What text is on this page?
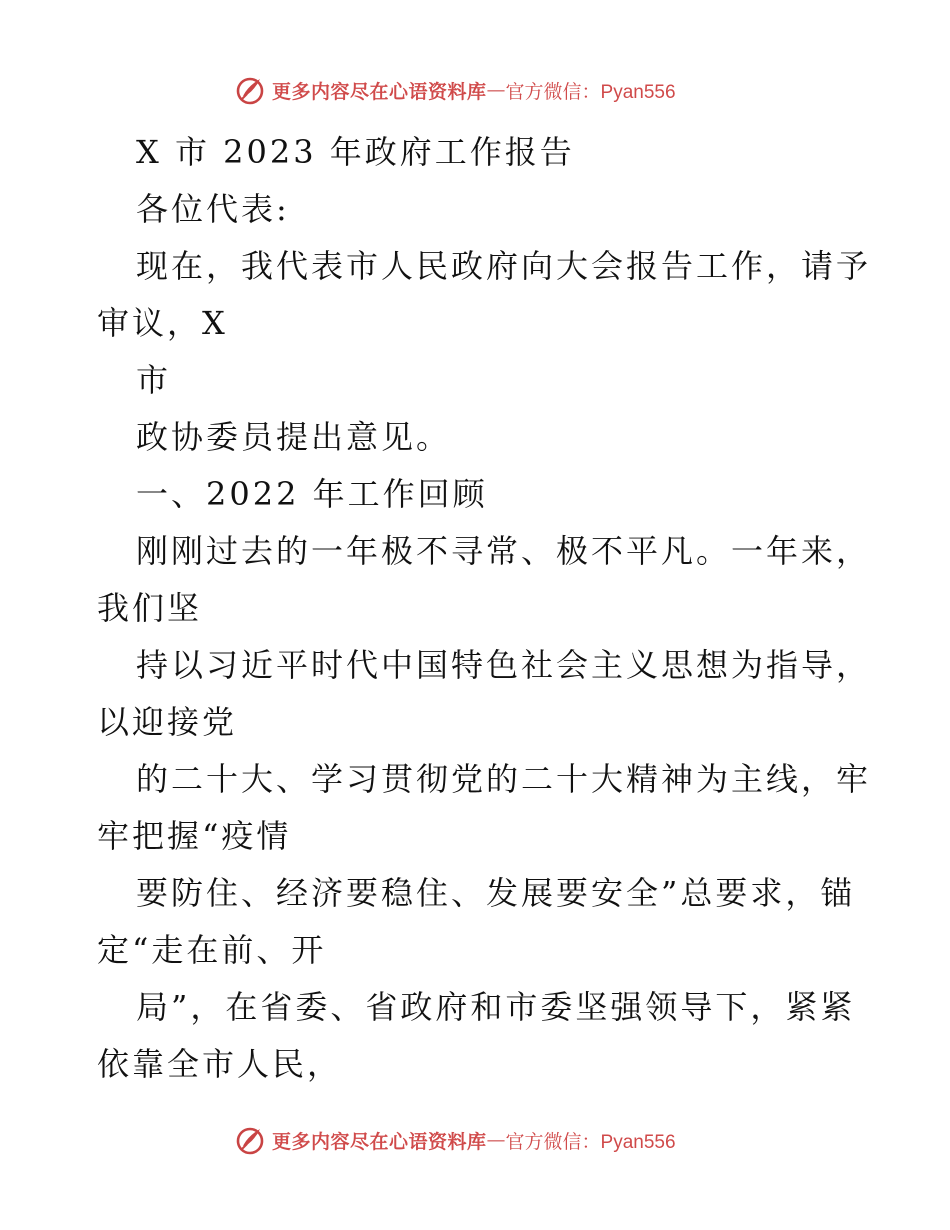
更多内容尽在心语资料库 — 官方微信：Pyan556
X 市 2023 年政府工作报告
各位代表:
现在，我代表市人民政府向大会报告工作，请予
审议，X
市
政协委员提出意见。
一、2022 年工作回顾
刚刚过去的一年极不寻常、极不平凡。一年来，
我们坚
持以习近平时代中国特色社会主义思想为指导，
以迎接党
的二十大、学习贯彻党的二十大精神为主线，牢
牢把握“疫情
要防住、经济要稳住、发展要安全”总要求，锚
定“走在前、开
局”，在省委、省政府和市委坚强领导下，紧紧
依靠全市人民，
更多内容尽在心语资料库 — 官方微信：Pyan556
